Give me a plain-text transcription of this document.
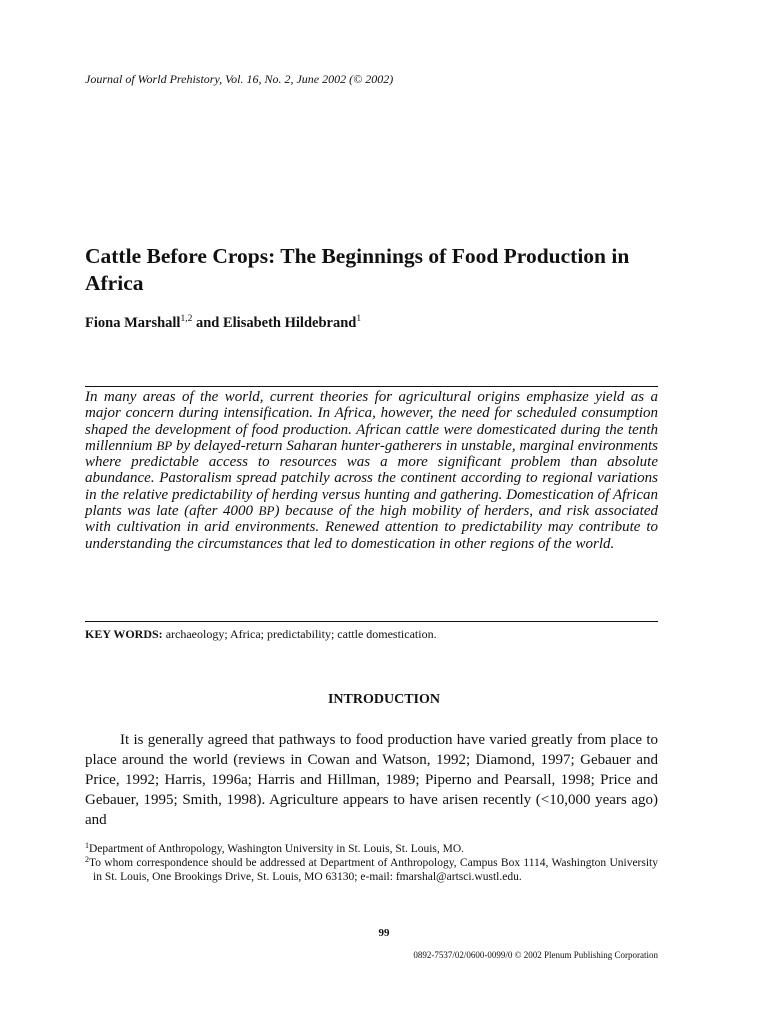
Journal of World Prehistory, Vol. 16, No. 2, June 2002 (© 2002)
Cattle Before Crops: The Beginnings of Food Production in Africa
Fiona Marshall$^{1,2}$ and Elisabeth Hildebrand$^1$

In many areas of the world, current theories for agricultural origins emphasize yield as a major concern during intensification. In Africa, however, the need for scheduled consumption shaped the development of food production. African cattle were domesticated during the tenth millennium BP by delayed-return Saharan hunter-gatherers in unstable, marginal environments where predictable access to resources was a more significant problem than absolute abundance. Pastoralism spread patchily across the continent according to regional variations in the relative predictability of herding versus hunting and gathering. Domestication of African plants was late (after 4000 BP) because of the high mobility of herders, and risk associated with cultivation in arid environments. Renewed attention to predictability may contribute to understanding the circumstances that led to domestication in other regions of the world.

KEY WORDS: archaeology; Africa; predictability; cattle domestication.
INTRODUCTION

It is generally agreed that pathways to food production have varied greatly from place to place around the world (reviews in Cowan and Watson, 1992; Diamond, 1997; Gebauer and Price, 1992; Harris, 1996a; Harris and Hillman, 1989; Piperno and Pearsall, 1998; Price and Gebauer, 1995; Smith, 1998). Agriculture appears to have arisen recently (<10,000 years ago) and

$^1$Department of Anthropology, Washington University in St. Louis, St. Louis, MO.

$^2$To whom correspondence should be addressed at Department of Anthropology, Campus Box 1114, Washington University in St. Louis, One Brookings Drive, St. Louis, MO 63130; e-mail: fmarshal@artsci.wustl.edu.

99
0892-7537/02/0600-0099/0 © 2002 Plenum Publishing Corporation
